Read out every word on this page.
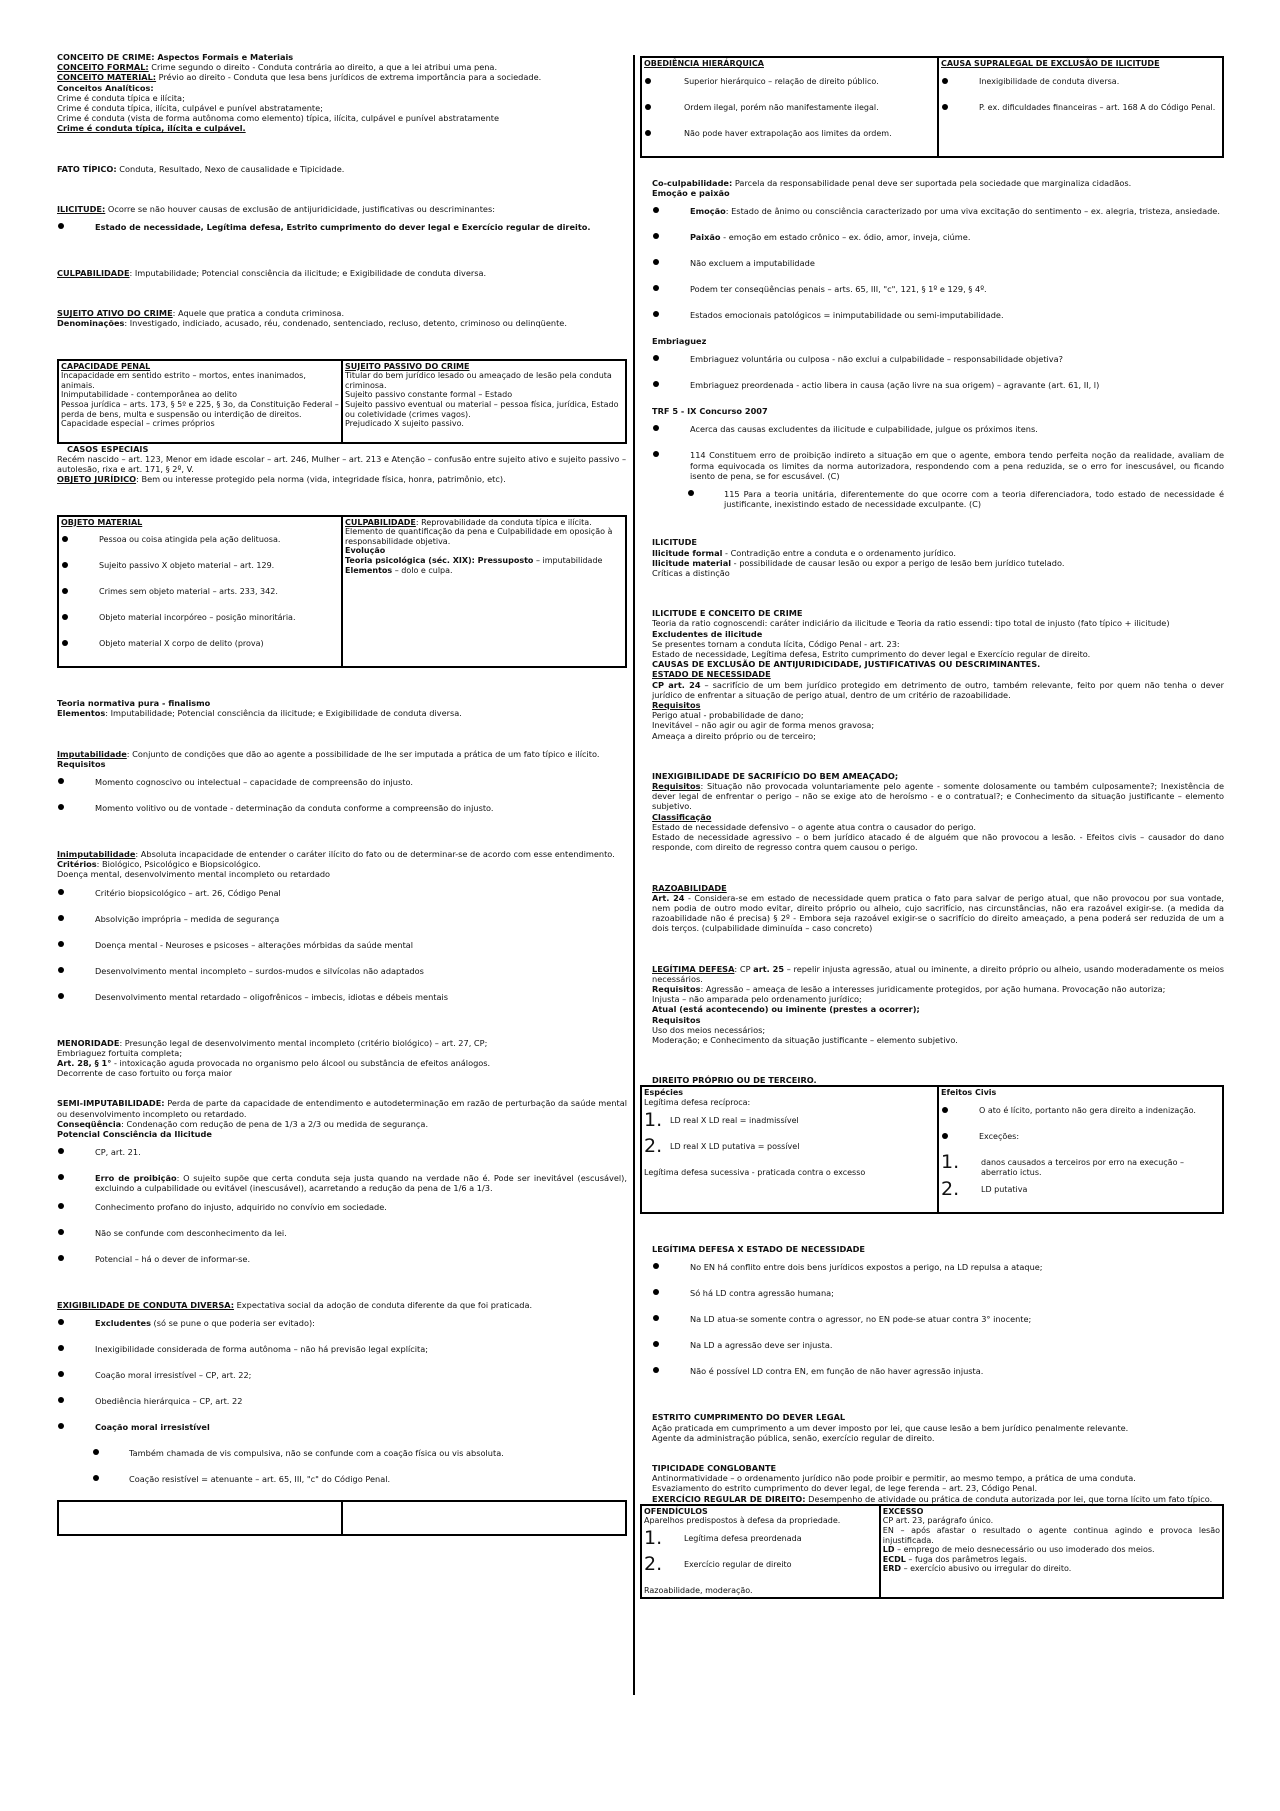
CONCEITO DE CRIME: Aspectos Formais e Materiais

CONCEITO FORMAL: Crime segundo o direito - Conduta contrária ao direito, a que a lei atribui uma pena.

CONCEITO MATERIAL: Prévio ao direito - Conduta que lesa bens jurídicos de extrema importância para a sociedade.

Conceitos Analíticos:

Crime é conduta típica e ilícita;

Crime é conduta típica, ilícita, culpável e punível abstratamente;

Crime é conduta (vista de forma autônoma como elemento) típica, ilícita, culpável e punível abstratamente

Crime é conduta típica, ilícita e culpável.

FATO TÍPICO: Conduta, Resultado, Nexo de causalidade e Tipicidade.

ILICITUDE: Ocorre se não houver causas de exclusão de antijuridicidade, justificativas ou descriminantes:

Estado de necessidade, Legítima defesa, Estrito cumprimento do dever legal e Exercício regular de direito.

CULPABILIDADE: Imputabilidade; Potencial consciência da ilicitude; e Exigibilidade de conduta diversa.

SUJEITO ATIVO DO CRIME: Aquele que pratica a conduta criminosa.

Denominações: Investigado, indiciado, acusado, réu, condenado, sentenciado, recluso, detento, criminoso ou delinqüente.

CAPACIDADE PENAL
Incapacidade em sentido estrito – mortos, entes inanimados, animais.
Inimputabilidade - contemporânea ao delito
Pessoa jurídica – arts. 173, § 5º e 225, § 3o, da Constituição Federal – perda de bens, multa e suspensão ou interdição de direitos.
Capacidade especial – crimes próprios

SUJEITO PASSIVO DO CRIME
Titular do bem jurídico lesado ou ameaçado de lesão pela conduta criminosa.
Sujeito passivo constante formal – Estado
Sujeito passivo eventual ou material – pessoa física, jurídica, Estado ou coletividade (crimes vagos).
Prejudicado X sujeito passivo.

CASOS ESPECIAIS

Recém nascido – art. 123, Menor em idade escolar – art. 246, Mulher – art. 213 e Atenção – confusão entre sujeito ativo e sujeito passivo – autolesão, rixa e art. 171, § 2º, V.

OBJETO JURÍDICO: Bem ou interesse protegido pela norma (vida, integridade física, honra, patrimônio, etc).

OBJETO MATERIAL
Pessoa ou coisa atingida pela ação delituosa.
Sujeito passivo X objeto material – art. 129.
Crimes sem objeto material – arts. 233, 342.
Objeto material incorpóreo – posição minoritária.
Objeto material X corpo de delito (prova)

CULPABILIDADE: Reprovabilidade da conduta típica e ilícita.
Elemento de quantificação da pena e Culpabilidade em oposição à responsabilidade objetiva.
Evolução
Teoria psicológica (séc. XIX): Pressuposto – imputabilidade
Elementos – dolo e culpa.

Teoria normativa pura - finalismo

Elementos: Imputabilidade; Potencial consciência da ilicitude; e Exigibilidade de conduta diversa.

Imputabilidade: Conjunto de condições que dão ao agente a possibilidade de lhe ser imputada a prática de um fato típico e ilícito.

Requisitos

Momento cognoscivo ou intelectual – capacidade de compreensão do injusto.
Momento volitivo ou de vontade - determinação da conduta conforme a compreensão do injusto.

Inimputabilidade: Absoluta incapacidade de entender o caráter ilícito do fato ou de determinar-se de acordo com esse entendimento.

Critérios: Biológico, Psicológico e Biopsicológico.

Doença mental, desenvolvimento mental incompleto ou retardado

Critério biopsicológico – art. 26, Código Penal
Absolvição imprópria – medida de segurança
Doença mental - Neuroses e psicoses – alterações mórbidas da saúde mental
Desenvolvimento mental incompleto – surdos-mudos e silvícolas não adaptados
Desenvolvimento mental retardado – oligofrênicos – imbecis, idiotas e débeis mentais

MENORIDADE: Presunção legal de desenvolvimento mental incompleto (critério biológico) – art. 27, CP;

Embriaguez fortuita completa;

Art. 28, § 1° - intoxicação aguda provocada no organismo pelo álcool ou substância de efeitos análogos.

Decorrente de caso fortuito ou força maior

SEMI-IMPUTABILIDADE: Perda de parte da capacidade de entendimento e autodeterminação em razão de perturbação da saúde mental ou desenvolvimento incompleto ou retardado.

Conseqüência: Condenação com redução de pena de 1/3 a 2/3 ou medida de segurança.

Potencial Consciência da Ilicitude

CP, art. 21.
Erro de proibição: O sujeito supõe que certa conduta seja justa quando na verdade não é. Pode ser inevitável (escusável), excluindo a culpabilidade ou evitável (inescusável), acarretando a redução da pena de 1/6 a 1/3.
Conhecimento profano do injusto, adquirido no convívio em sociedade.
Não se confunde com desconhecimento da lei.
Potencial – há o dever de informar-se.

EXIGIBILIDADE DE CONDUTA DIVERSA: Expectativa social da adoção de conduta diferente da que foi praticada.

Excludentes (só se pune o que poderia ser evitado):
Inexigibilidade considerada de forma autônoma – não há previsão legal explícita;
Coação moral irresistível – CP, art. 22;
Obediência hierárquica – CP, art. 22
Coação moral irresistível
Também chamada de vis compulsiva, não se confunde com a coação física ou vis absoluta.
Coação resistível = atenuante – art. 65, III, "c" do Código Penal.

OBEDIÊNCIA HIERÁRQUICA
Superior hierárquico – relação de direito público.
Ordem ilegal, porém não manifestamente ilegal.
Não pode haver extrapolação aos limites da ordem.

CAUSA SUPRALEGAL DE EXCLUSÃO DE ILICITUDE
Inexigibilidade de conduta diversa.
P. ex. dificuldades financeiras – art. 168 A do Código Penal.

Co-culpabilidade: Parcela da responsabilidade penal deve ser suportada pela sociedade que marginaliza cidadãos.

Emoção e paixão

Emoção: Estado de ânimo ou consciência caracterizado por uma viva excitação do sentimento – ex. alegria, tristeza, ansiedade.
Paixão - emoção em estado crônico – ex. ódio, amor, inveja, ciúme.
Não excluem a imputabilidade
Podem ter conseqüências penais – arts. 65, III, "c", 121, § 1º e 129, § 4º.
Estados emocionais patológicos = inimputabilidade ou semi-imputabilidade.

Embriaguez

Embriaguez voluntária ou culposa - não exclui a culpabilidade – responsabilidade objetiva?
Embriaguez preordenada - actio libera in causa (ação livre na sua origem) – agravante (art. 61, II, l)

TRF 5 - IX Concurso 2007

Acerca das causas excludentes da ilicitude e culpabilidade, julgue os próximos itens.
114 Constituem erro de proibição indireto a situação em que o agente, embora tendo perfeita noção da realidade, avaliam de forma equivocada os limites da norma autorizadora, respondendo com a pena reduzida, se o erro for inescusável, ou ficando isento de pena, se for escusável. (C)
115 Para a teoria unitária, diferentemente do que ocorre com a teoria diferenciadora, todo estado de necessidade é justificante, inexistindo estado de necessidade exculpante. (C)

ILICITUDE

Ilicitude formal - Contradição entre a conduta e o ordenamento jurídico.

Ilicitude material - possibilidade de causar lesão ou expor a perigo de lesão bem jurídico tutelado.

Críticas a distinção

ILICITUDE E CONCEITO DE CRIME

Teoria da ratio cognoscendi: caráter indiciário da ilicitude e Teoria da ratio essendi: tipo total de injusto (fato típico + ilicitude)

Excludentes de ilicitude

Se presentes tornam a conduta lícita, Código Penal - art. 23:

Estado de necessidade, Legítima defesa, Estrito cumprimento do dever legal e Exercício regular de direito.

CAUSAS DE EXCLUSÃO DE ANTIJURIDICIDADE, JUSTIFICATIVAS OU DESCRIMINANTES.

ESTADO DE NECESSIDADE

CP art. 24 – sacrifício de um bem jurídico protegido em detrimento de outro, também relevante, feito por quem não tenha o dever jurídico de enfrentar a situação de perigo atual, dentro de um critério de razoabilidade.

Requisitos

Perigo atual - probabilidade de dano;

Inevitável – não agir ou agir de forma menos gravosa;

Ameaça a direito próprio ou de terceiro;

INEXIGIBILIDADE DE SACRIFÍCIO DO BEM AMEAÇADO;

Requisitos: Situação não provocada voluntariamente pelo agente - somente dolosamente ou também culposamente?; Inexistência de dever legal de enfrentar o perigo – não se exige ato de heroísmo - e o contratual?; e Conhecimento da situação justificante – elemento subjetivo.

Classificação

Estado de necessidade defensivo – o agente atua contra o causador do perigo.

Estado de necessidade agressivo – o bem jurídico atacado é de alguém que não provocou a lesão. - Efeitos civis – causador do dano responde, com direito de regresso contra quem causou o perigo.

RAZOABILIDADE

Art. 24 - Considera-se em estado de necessidade quem pratica o fato para salvar de perigo atual, que não provocou por sua vontade, nem podia de outro modo evitar, direito próprio ou alheio, cujo sacrifício, nas circunstâncias, não era razoável exigir-se. (a medida da razoabilidade não é precisa) § 2º - Embora seja razoável exigir-se o sacrifício do direito ameaçado, a pena poderá ser reduzida de um a dois terços. (culpabilidade diminuída – caso concreto)

LEGÍTIMA DEFESA: CP art. 25 – repelir injusta agressão, atual ou iminente, a direito próprio ou alheio, usando moderadamente os meios necessários.

Requisitos: Agressão – ameaça de lesão a interesses juridicamente protegidos, por ação humana. Provocação não autoriza;

Injusta – não amparada pelo ordenamento jurídico;

Atual (está acontecendo) ou iminente (prestes a ocorrer);

Requisitos

Uso dos meios necessários;

Moderação; e Conhecimento da situação justificante – elemento subjetivo.

DIREITO PRÓPRIO OU DE TERCEIRO.

Espécies
Legítima defesa recíproca:
1. LD real X LD real = inadmissível
2. LD real X LD putativa = possível
Legítima defesa sucessiva - praticada contra o excesso

Efeitos Civis
O ato é lícito, portanto não gera direito a indenização.
Exceções:
1.	danos causados a terceiros por erro na execução – aberratio ictus.
2.	LD putativa

LEGÍTIMA DEFESA X ESTADO DE NECESSIDADE

No EN há conflito entre dois bens jurídicos expostos a perigo, na LD repulsa a ataque;
Só há LD contra agressão humana;
Na LD atua-se somente contra o agressor, no EN pode-se atuar contra 3° inocente;
Na LD a agressão deve ser injusta.
Não é possível LD contra EN, em função de não haver agressão injusta.

ESTRITO CUMPRIMENTO DO DEVER LEGAL

Ação praticada em cumprimento a um dever imposto por lei, que cause lesão a bem jurídico penalmente relevante.

Agente da administração pública, senão, exercício regular de direito.

TIPICIDADE CONGLOBANTE

Antinormatividade – o ordenamento jurídico não pode proibir e permitir, ao mesmo tempo, a prática de uma conduta.

Esvaziamento do estrito cumprimento do dever legal, de lege ferenda – art. 23, Código Penal.

EXERCÍCIO REGULAR DE DIREITO: Desempenho de atividade ou prática de conduta autorizada por lei, que torna lícito um fato típico.

OFENDÍCULOS
Aparelhos predispostos à defesa da propriedade.
1.	Legítima defesa preordenada
2.	Exercício regular de direito
Razoabilidade, moderação.

EXCESSO
CP art. 23, parágrafo único.
EN – após afastar o resultado o agente continua agindo e provoca lesão injustificada.
LD – emprego de meio desnecessário ou uso imoderado dos meios.
ECDL – fuga dos parâmetros legais.
ERD – exercício abusivo ou irregular do direito.
